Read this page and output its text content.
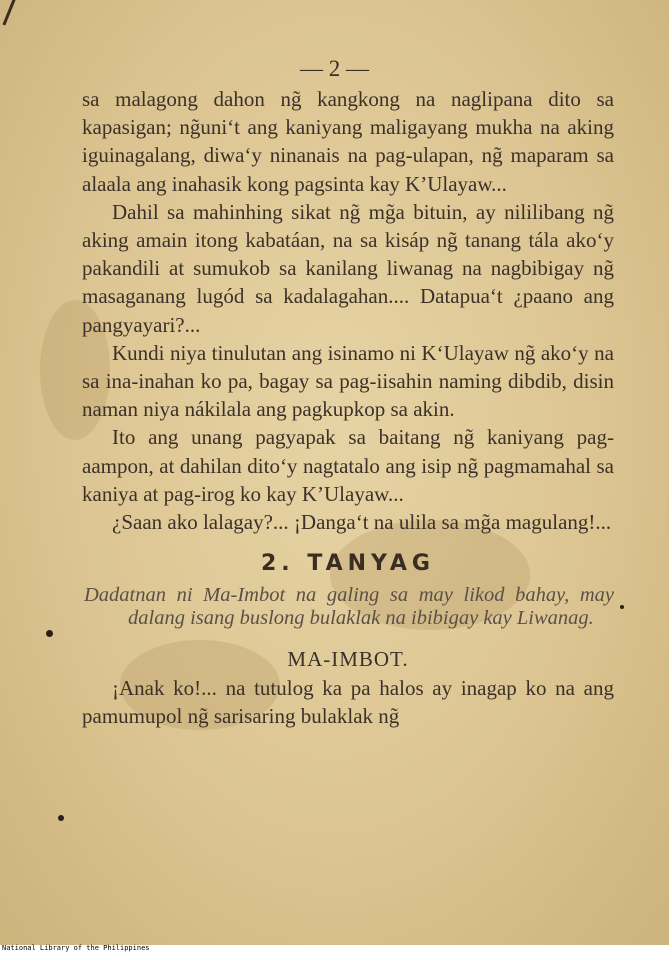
— 2 —

sa malagong dahon ng̃ kangkong na naglipana dito sa kapasigan; ng̃uni‘t ang kaniyang maligayang mukha na aking iguinagalang, diwa‘y ninanais na pag-ulapan, ng̃ maparam sa alaala ang inahasik kong pagsinta kay K’Ulayaw...

Dahil sa mahinhing sikat ng̃ mg̃a bituin, ay nililibang ng̃ aking amain itong kabatáan, na sa kisáp ng̃ tanang tála ako‘y pakandili at sumukob sa kanilang liwanag na nagbibigay ng̃ masaganang lugód sa kadalagahan.... Datapua‘t ¿paano ang pangyayari?...

Kundi niya tinulutan ang isinamo ni K‘Ulayaw ng̃ ako‘y na sa ina-inahan ko pa, bagay sa pag-iisahin naming dibdib, disin naman niya nákilala ang pagkupkop sa akin.

Ito ang unang pagyapak sa baitang ng̃ kaniyang pag-aampon, at dahilan dito‘y nagtatalo ang isip ng̃ pagmamahal sa kaniya at pag-irog ko kay K’Ulayaw...

¿Saan ako lalagay?... ¡Danga‘t na ulila sa mg̃a magulang!...

2. TANYAG

Dadatnan ni Ma-Imbot na galing sa may likod bahay, may dalang isang buslong bulaklak na ibibigay kay Liwanag.

MA-IMBOT.

¡Anak ko!... na tutulog ka pa halos ay inagap ko na ang pamumupol ng̃ sarisaring bulaklak ng̃

National Library of the Philippines
